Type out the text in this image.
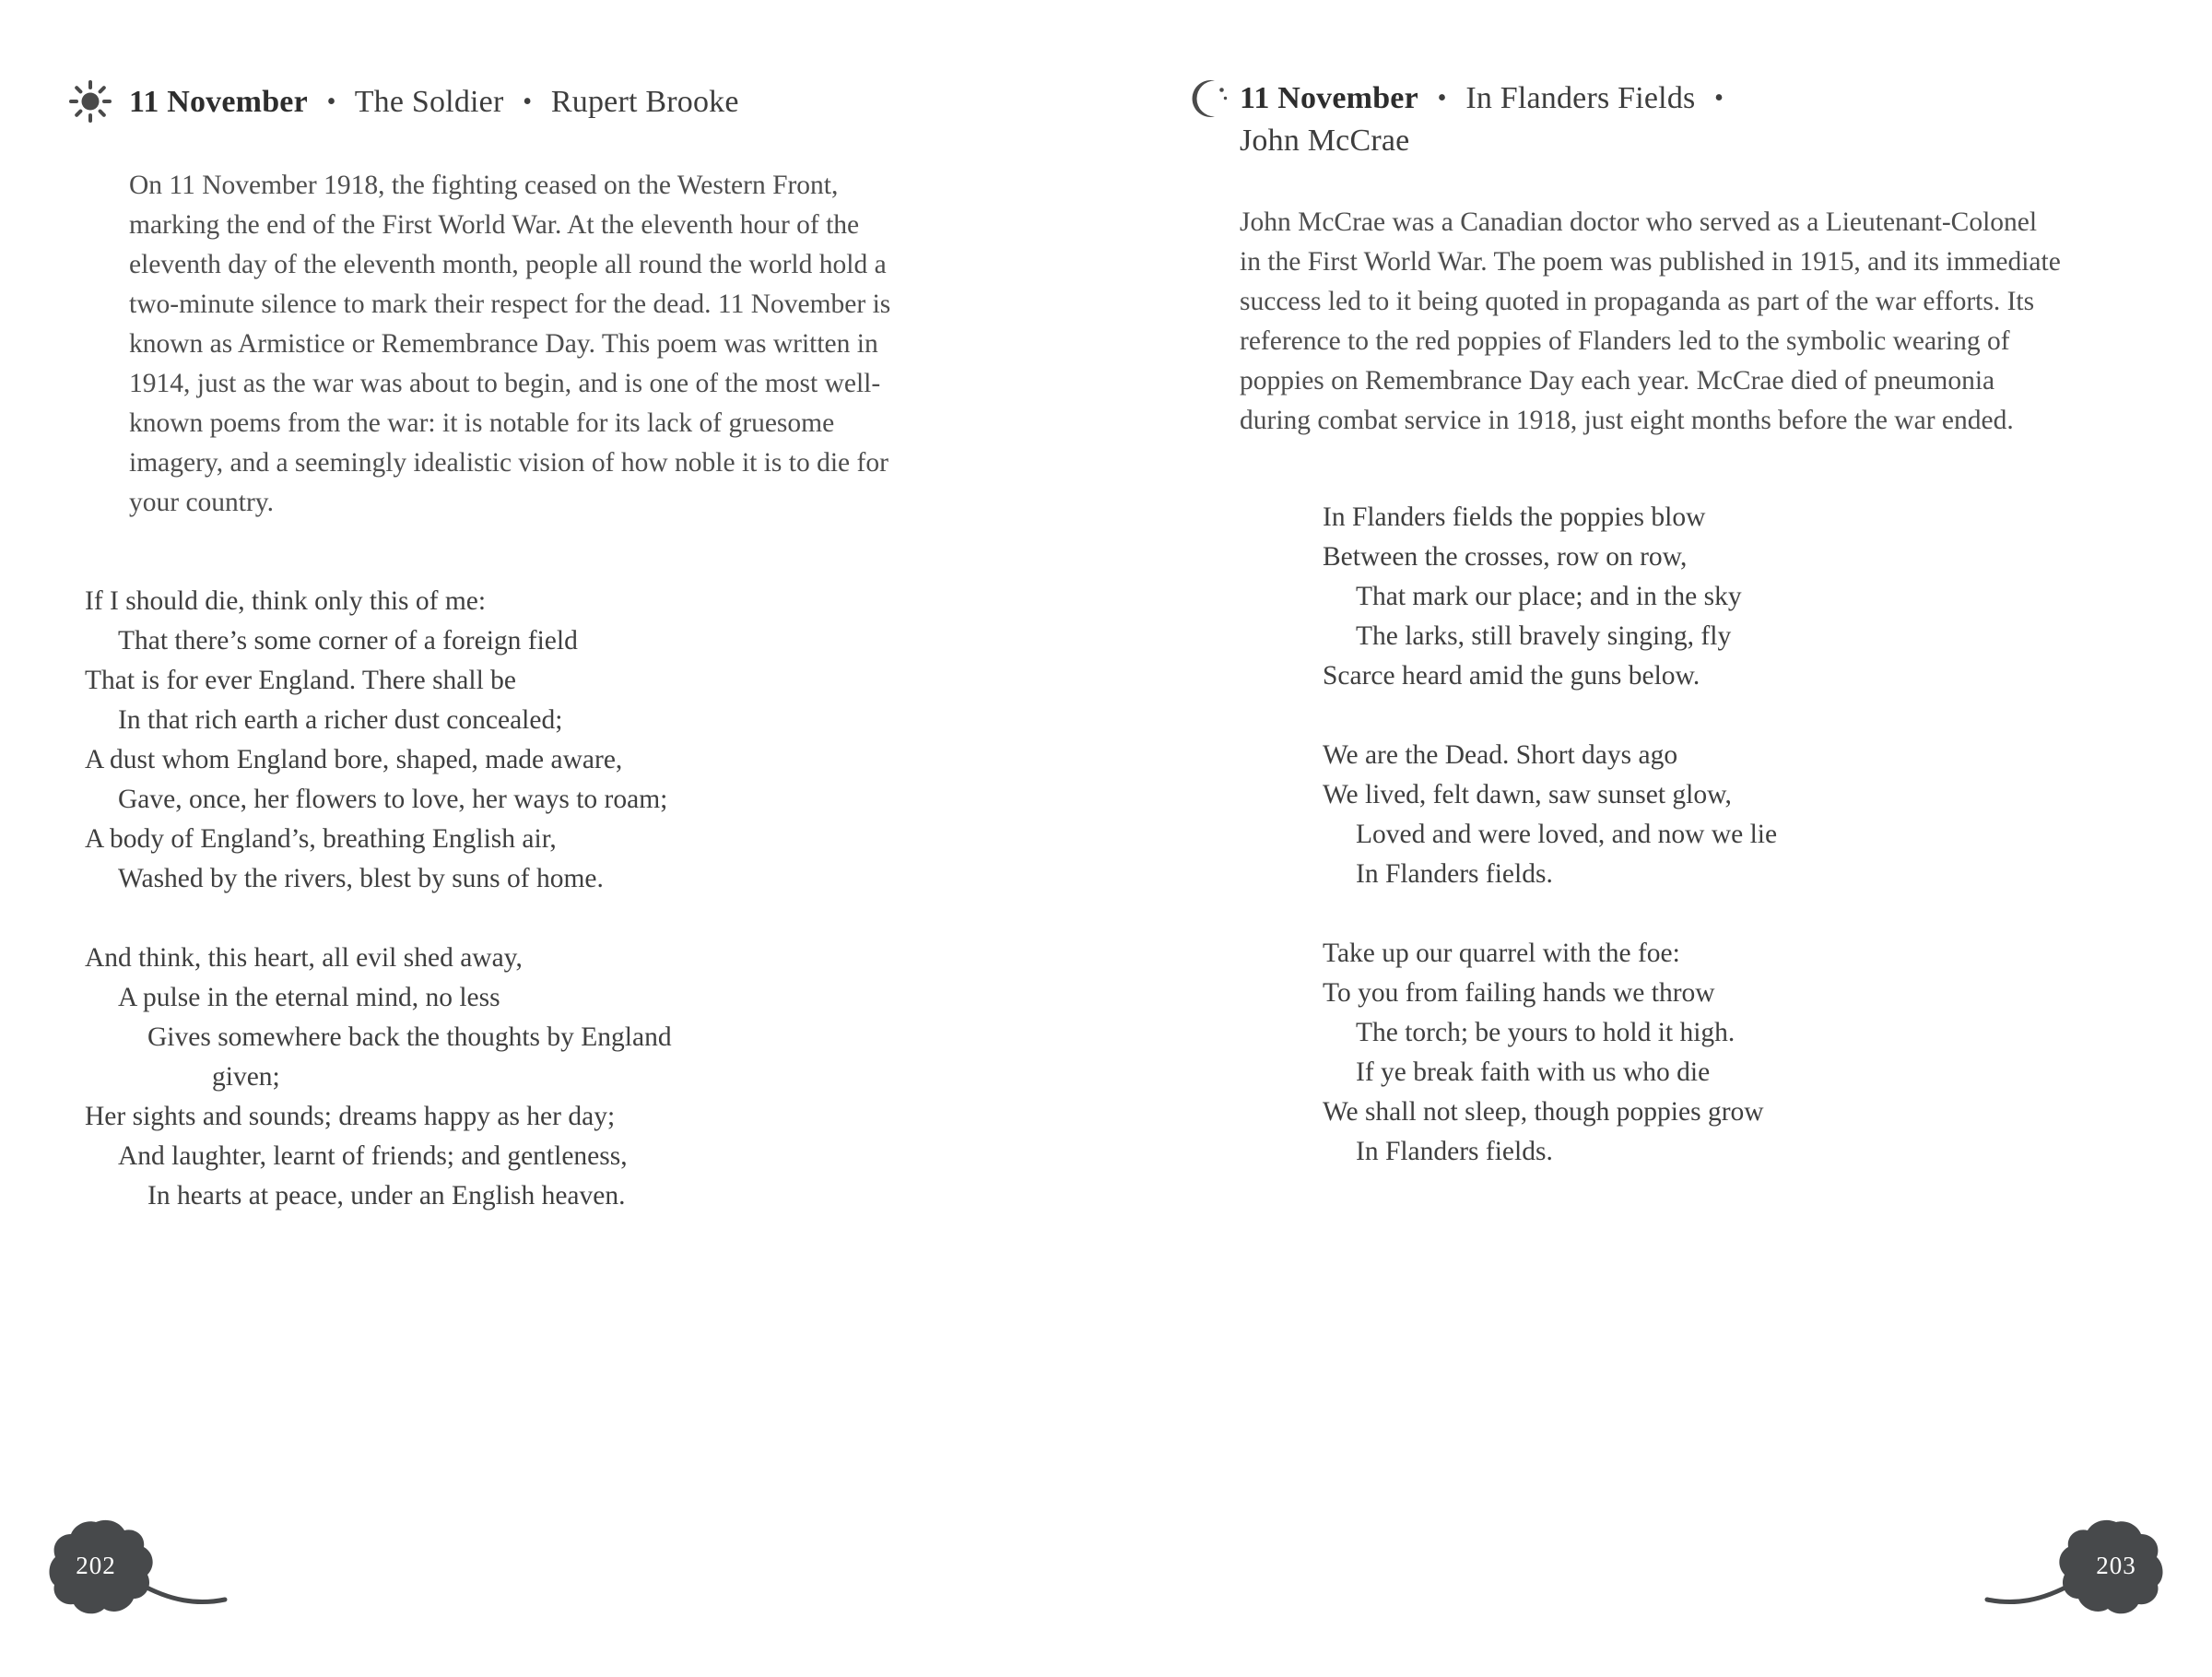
11 November • The Soldier • Rupert Brooke

On 11 November 1918, the fighting ceased on the Western Front, marking the end of the First World War. At the eleventh hour of the eleventh day of the eleventh month, people all round the world hold a two-minute silence to mark their respect for the dead. 11 November is known as Armistice or Remembrance Day. This poem was written in 1914, just as the war was about to begin, and is one of the most well-known poems from the war: it is notable for its lack of gruesome imagery, and a seemingly idealistic vision of how noble it is to die for your country.

If I should die, think only this of me:
That there’s some corner of a foreign field
That is for ever England. There shall be
In that rich earth a richer dust concealed;
A dust whom England bore, shaped, made aware,
Gave, once, her flowers to love, her ways to roam;
A body of England’s, breathing English air,
Washed by the rivers, blest by suns of home.
And think, this heart, all evil shed away,
A pulse in the eternal mind, no less
Gives somewhere back the thoughts by England
given;
Her sights and sounds; dreams happy as her day;
And laughter, learnt of friends; and gentleness,
In hearts at peace, under an English heaven.
11 November • In Flanders Fields •
John McCrae

John McCrae was a Canadian doctor who served as a Lieutenant-Colonel in the First World War. The poem was published in 1915, and its immediate success led to it being quoted in propaganda as part of the war efforts. Its reference to the red poppies of Flanders led to the symbolic wearing of poppies on Remembrance Day each year. McCrae died of pneumonia during combat service in 1918, just eight months before the war ended.

In Flanders fields the poppies blow
Between the crosses, row on row,
That mark our place; and in the sky
The larks, still bravely singing, fly
Scarce heard amid the guns below.
We are the Dead. Short days ago
We lived, felt dawn, saw sunset glow,
Loved and were loved, and now we lie
In Flanders fields.
Take up our quarrel with the foe:
To you from failing hands we throw
The torch; be yours to hold it high.
If ye break faith with us who die
We shall not sleep, though poppies grow
In Flanders fields.
202	203
